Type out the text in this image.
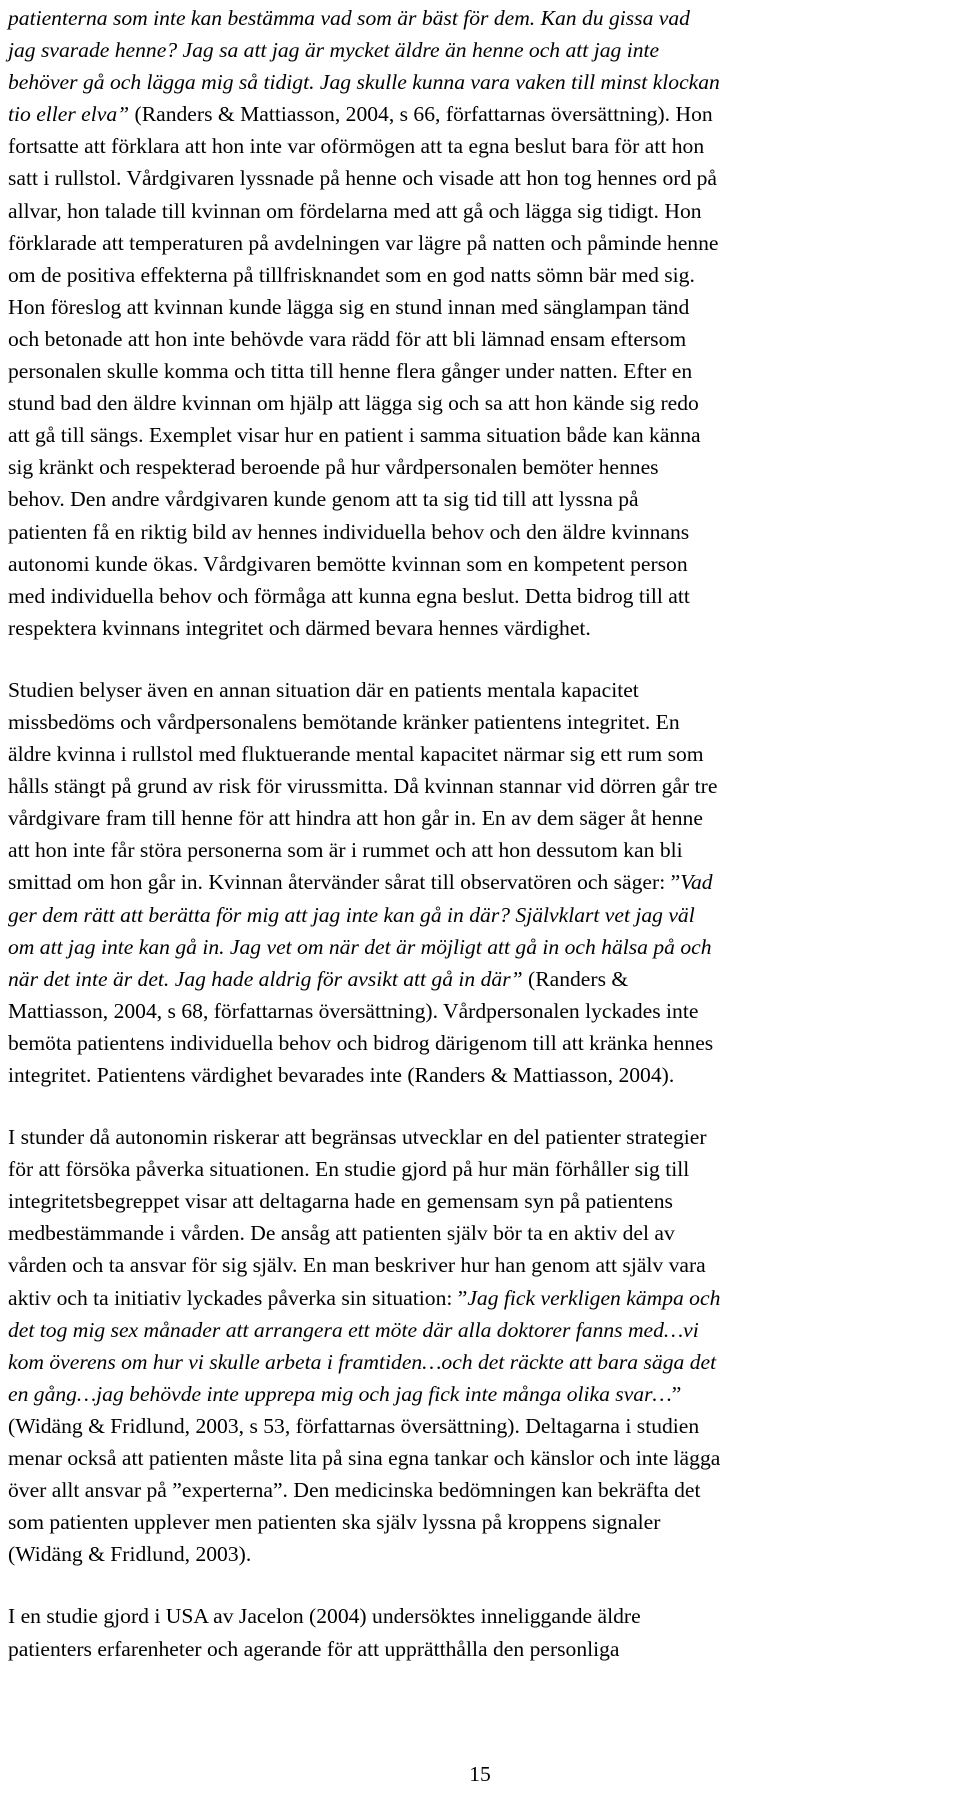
patienterna som inte kan bestämma vad som är bäst för dem. Kan du gissa vad
jag svarade henne? Jag sa att jag är mycket äldre än henne och att jag inte
behöver gå och lägga mig så tidigt. Jag skulle kunna vara vaken till minst klockan
tio eller elva” (Randers & Mattiasson, 2004, s 66, författarnas översättning). Hon
fortsatte att förklara att hon inte var oförmögen att ta egna beslut bara för att hon
satt i rullstol. Vårdgivaren lyssnade på henne och visade att hon tog hennes ord på
allvar, hon talade till kvinnan om fördelarna med att gå och lägga sig tidigt. Hon
förklarade att temperaturen på avdelningen var lägre på natten och påminde henne
om de positiva effekterna på tillfrisknandet som en god natts sömn bär med sig.
Hon föreslog att kvinnan kunde lägga sig en stund innan med sänglampan tänd
och betonade att hon inte behövde vara rädd för att bli lämnad ensam eftersom
personalen skulle komma och titta till henne flera gånger under natten. Efter en
stund bad den äldre kvinnan om hjälp att lägga sig och sa att hon kände sig redo
att gå till sängs. Exemplet visar hur en patient i samma situation både kan känna
sig kränkt och respekterad beroende på hur vårdpersonalen bemöter hennes
behov. Den andre vårdgivaren kunde genom att ta sig tid till att lyssna på
patienten få en riktig bild av hennes individuella behov och den äldre kvinnans
autonomi kunde ökas. Vårdgivaren bemötte kvinnan som en kompetent person
med individuella behov och förmåga att kunna egna beslut. Detta bidrog till att
respektera kvinnans integritet och därmed bevara hennes värdighet.
Studien belyser även en annan situation där en patients mentala kapacitet
missbedöms och vårdpersonalens bemötande kränker patientens integritet. En
äldre kvinna i rullstol med fluktuerande mental kapacitet närmar sig ett rum som
hålls stängt på grund av risk för virussmitta. Då kvinnan stannar vid dörren går tre
vårdgivare fram till henne för att hindra att hon går in. En av dem säger åt henne
att hon inte får störa personerna som är i rummet och att hon dessutom kan bli
smittad om hon går in. Kvinnan återvänder sårat till observatören och säger: ”Vad
ger dem rätt att berätta för mig att jag inte kan gå in där? Självklart vet jag väl
om att jag inte kan gå in. Jag vet om när det är möjligt att gå in och hälsa på och
när det inte är det. Jag hade aldrig för avsikt att gå in där” (Randers &
Mattiasson, 2004, s 68, författarnas översättning). Vårdpersonalen lyckades inte
bemöta patientens individuella behov och bidrog därigenom till att kränka hennes
integritet. Patientens värdighet bevarades inte (Randers & Mattiasson, 2004).
I stunder då autonomin riskerar att begränsas utvecklar en del patienter strategier
för att försöka påverka situationen. En studie gjord på hur män förhåller sig till
integritetsbegreppet visar att deltagarna hade en gemensam syn på patientens
medbestämmande i vården. De ansåg att patienten själv bör ta en aktiv del av
vården och ta ansvar för sig själv. En man beskriver hur han genom att själv vara
aktiv och ta initiativ lyckades påverka sin situation: ”Jag fick verkligen kämpa och
det tog mig sex månader att arrangera ett möte där alla doktorer fanns med…vi
kom överens om hur vi skulle arbeta i framtiden…och det räckte att bara säga det
en gång…jag behövde inte upprepa mig och jag fick inte många olika svar…”
(Widäng & Fridlund, 2003, s 53, författarnas översättning). Deltagarna i studien
menar också att patienten måste lita på sina egna tankar och känslor och inte lägga
över allt ansvar på ”experterna”. Den medicinska bedömningen kan bekräfta det
som patienten upplever men patienten ska själv lyssna på kroppens signaler
(Widäng & Fridlund, 2003).
I en studie gjord i USA av Jacelon (2004) undersöktes inneliggande äldre
patienters erfarenheter och agerande för att upprätthålla den personliga
15
